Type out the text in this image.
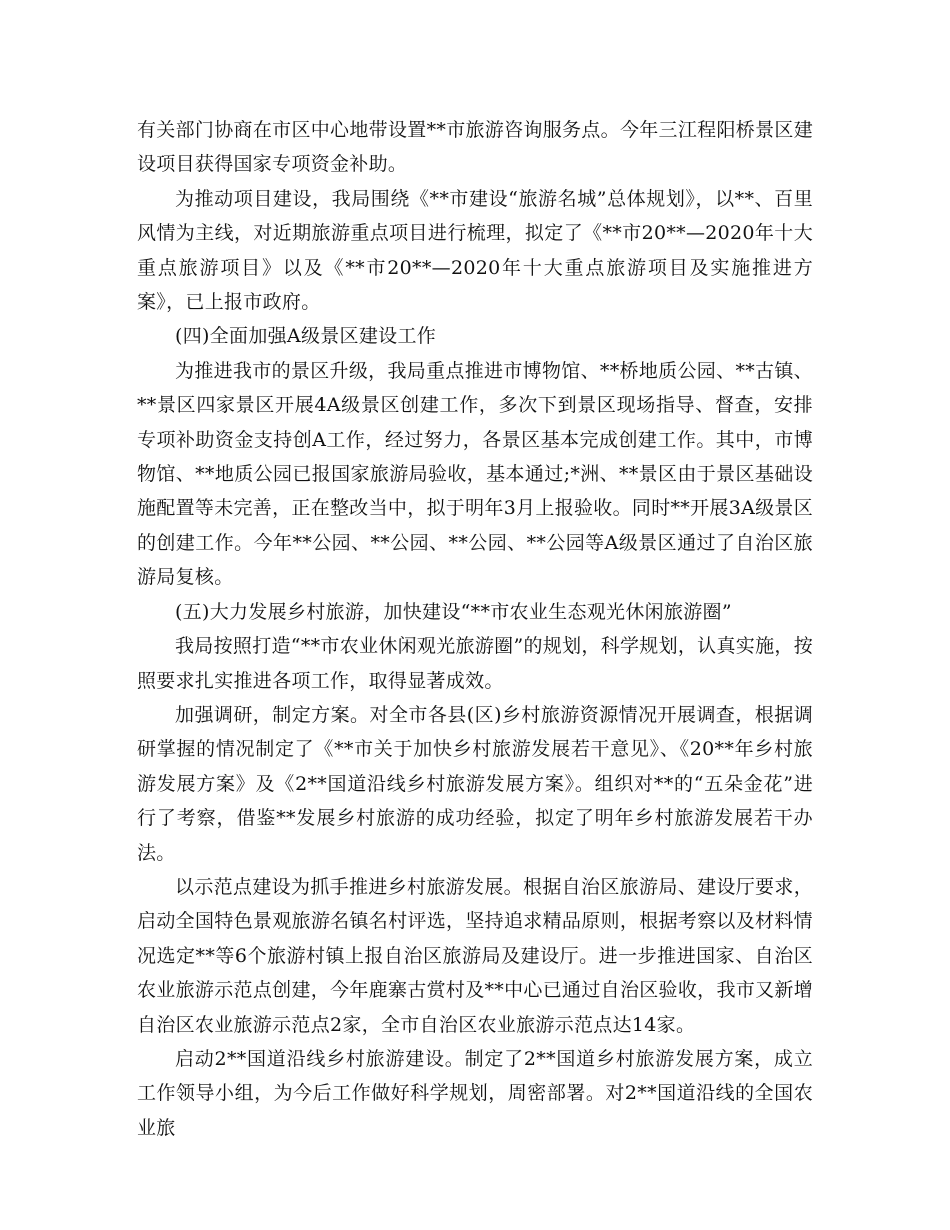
有关部门协商在市区中心地带设置**市旅游咨询服务点。今年三江程阳桥景区建设项目获得国家专项资金补助。

为推动项目建设，我局围绕《**市建设“旅游名城”总体规划》，以**、百里风情为主线，对近期旅游重点项目进行梳理，拟定了《**市20**—2020年十大重点旅游项目》以及《**市20**—2020年十大重点旅游项目及实施推进方案》，已上报市政府。

(四)全面加强A级景区建设工作

为推进我市的景区升级，我局重点推进市博物馆、**桥地质公园、**古镇、**景区四家景区开展4A级景区创建工作，多次下到景区现场指导、督查，安排专项补助资金支持创A工作，经过努力，各景区基本完成创建工作。其中，市博物馆、**地质公园已报国家旅游局验收，基本通过;*洲、**景区由于景区基础设施配置等未完善，正在整改当中，拟于明年3月上报验收。同时**开展3A级景区的创建工作。今年**公园、**公园、**公园、**公园等A级景区通过了自治区旅游局复核。

(五)大力发展乡村旅游，加快建设“**市农业生态观光休闲旅游圈”

我局按照打造“**市农业休闲观光旅游圈”的规划，科学规划，认真实施，按照要求扎实推进各项工作，取得显著成效。

加强调研，制定方案。对全市各县(区)乡村旅游资源情况开展调查，根据调研掌握的情况制定了《**市关于加快乡村旅游发展若干意见》、《20**年乡村旅游发展方案》及《2**国道沿线乡村旅游发展方案》。组织对**的“五朵金花”进行了考察，借鉴**发展乡村旅游的成功经验，拟定了明年乡村旅游发展若干办法。

以示范点建设为抓手推进乡村旅游发展。根据自治区旅游局、建设厅要求，启动全国特色景观旅游名镇名村评选，坚持追求精品原则，根据考察以及材料情况选定**等6个旅游村镇上报自治区旅游局及建设厅。进一步推进国家、自治区农业旅游示范点创建，今年鹿寨古赏村及**中心已通过自治区验收，我市又新增自治区农业旅游示范点2家，全市自治区农业旅游示范点达14家。

启动2**国道沿线乡村旅游建设。制定了2**国道乡村旅游发展方案，成立工作领导小组，为今后工作做好科学规划，周密部署。对2**国道沿线的全国农业旅
